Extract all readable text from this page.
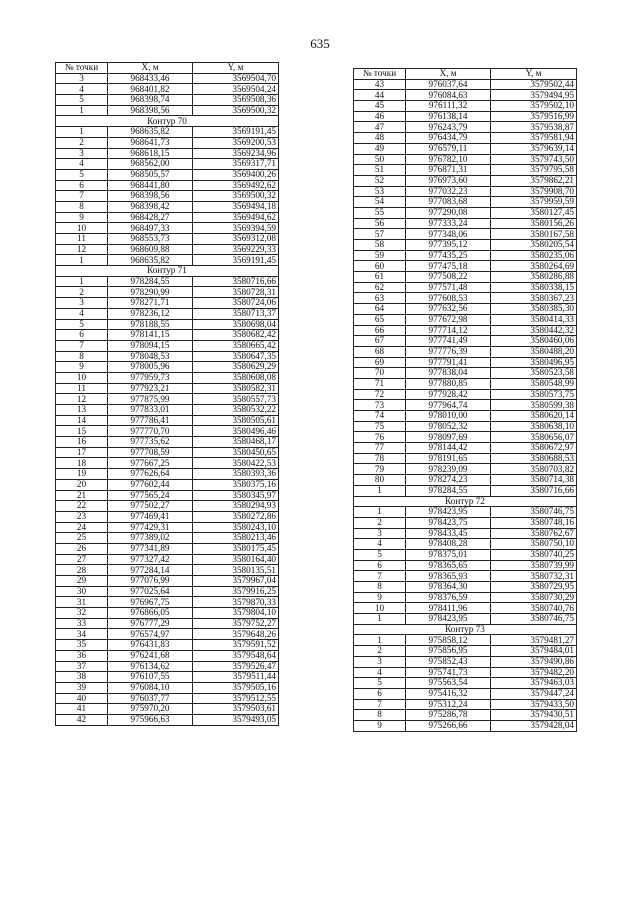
635
№ точки	X, м	Y, м
3	968433,46	3569504,70
4	968401,82	3569504,24
5	968398,74	3569508,36
1	968398,56	3569500,32
Контур 70		
1	968635,82	3569191,45
2	968641,73	3569200,53
3	968618,15	3569234,96
4	968562,00	3569317,71
5	968505,57	3569400,26
6	968441,80	3569492,62
7	968398,56	3569500,32
8	968398,42	3569494,18
9	968428,27	3569494,62
10	968497,33	3569394,59
11	968553,73	3569312,08
12	968609,88	3569229,33
1	968635,82	3569191,45
Контур 71		
1	978284,55	3580716,66
2	978290,99	3580728,31
3	978271,71	3580724,06
4	978236,12	3580713,37
5	978188,55	3580698,04
6	978141,15	3580682,42
7	978094,15	3580665,42
8	978048,53	3580647,35
9	978005,96	3580629,29
10	977959,73	3580608,08
11	977923,21	3580582,31
12	977875,99	3580557,73
13	977833,01	3580532,22
14	977786,41	3580505,61
15	977770,70	3580496,46
16	977735,62	3580468,17
17	977708,59	3580450,65
18	977667,25	3580422,53
19	977626,64	3580393,36
20	977602,44	3580375,16
21	977565,24	3580345,97
22	977502,27	3580294,93
23	977469,41	3580272,86
24	977429,31	3580243,10
25	977389,02	3580213,46
26	977341,89	3580175,45
27	977327,42	3580164,40
28	977284,14	3580135,51
29	977076,99	3579967,04
30	977025,64	3579916,25
31	976967,75	3579870,33
32	976866,05	3579804,10
33	976777,29	3579752,27
34	976574,97	3579648,26
35	976431,83	3579591,52
36	976241,68	3579548,64
37	976134,62	3579526,47
38	976107,55	3579511,44
39	976084,10	3579505,16
40	976037,77	3579512,55
41	975970,20	3579503,61
42	975966,63	3579493,05
№ точки	X, м	Y, м
43	976037,64	3579502,44
44	976084,63	3579494,95
45	976111,32	3579502,10
46	976138,14	3579516,99
47	976243,79	3579538,87
48	976434,79	3579581,94
49	976579,11	3579639,14
50	976782,10	3579743,50
51	976871,31	3579795,58
52	976973,60	3579862,21
53	977032,23	3579908,70
54	977083,68	3579959,59
55	977290,08	3580127,45
56	977333,24	3580156,26
57	977348,06	3580167,58
58	977395,12	3580205,54
59	977435,25	3580235,06
60	977475,18	3580264,69
61	977508,22	3580286,88
62	977571,48	3580338,15
63	977608,53	3580367,23
64	977632,56	3580385,30
65	977672,98	3580414,33
66	977714,12	3580442,32
67	977741,49	3580460,06
68	977776,39	3580488,20
69	977791,41	3580496,95
70	977838,04	3580523,58
71	977880,85	3580548,99
72	977928,42	3580573,75
73	977964,74	3580599,38
74	978010,00	3580620,14
75	978052,32	3580638,10
76	978097,69	3580656,07
77	978144,42	3580672,97
78	978191,65	3580688,53
79	978239,09	3580703,82
80	978274,23	3580714,38
1	978284,55	3580716,66
Контур 72		
1	978423,95	3580746,75
2	978423,75	3580748,16
3	978433,45	3580762,67
4	978408,28	3580750,10
5	978375,01	3580740,25
6	978365,65	3580739,99
7	978365,93	3580732,31
8	978364,30	3580729,95
9	978376,59	3580730,29
10	978411,96	3580740,76
1	978423,95	3580746,75
Контур 73		
1	975858,12	3579481,27
2	975856,95	3579484,01
3	975852,43	3579490,86
4	975741,73	3579482,20
5	975563,54	3579463,03
6	975416,32	3579447,24
7	975312,24	3579433,50
8	975286,78	3579430,51
9	975266,66	3579428,04
